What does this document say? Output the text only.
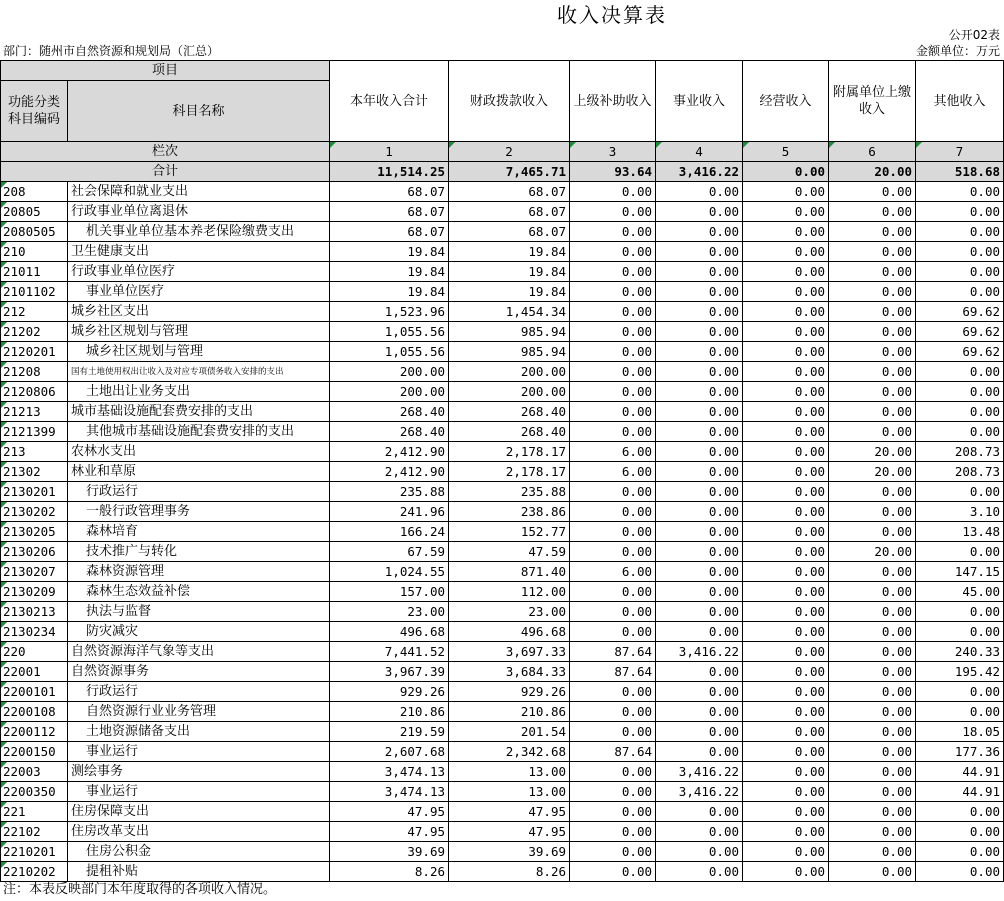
收入决算表
公开02表
部门：随州市自然资源和规划局（汇总）	金额单位：万元
项目		本年收入合计	财政拨款收入	上级补助收入	事业收入	经营收入	附属单位上缴收入	其他收入
功能分类科目编码	科目名称							
栏次		1	2	3	4	5	6	7
合计		11,514.25	7,465.71	93.64	3,416.22	0.00	20.00	518.68
208	社会保障和就业支出	68.07	68.07	0.00	0.00	0.00	0.00	0.00
20805	行政事业单位离退休	68.07	68.07	0.00	0.00	0.00	0.00	0.00
2080505	机关事业单位基本养老保险缴费支出	68.07	68.07	0.00	0.00	0.00	0.00	0.00
210	卫生健康支出	19.84	19.84	0.00	0.00	0.00	0.00	0.00
21011	行政事业单位医疗	19.84	19.84	0.00	0.00	0.00	0.00	0.00
2101102	事业单位医疗	19.84	19.84	0.00	0.00	0.00	0.00	0.00
212	城乡社区支出	1,523.96	1,454.34	0.00	0.00	0.00	0.00	69.62
21202	城乡社区规划与管理	1,055.56	985.94	0.00	0.00	0.00	0.00	69.62
2120201	城乡社区规划与管理	1,055.56	985.94	0.00	0.00	0.00	0.00	69.62
21208	国有土地使用权出让收入及对应专项债务收入安排的支出	200.00	200.00	0.00	0.00	0.00	0.00	0.00
2120806	土地出让业务支出	200.00	200.00	0.00	0.00	0.00	0.00	0.00
21213	城市基础设施配套费安排的支出	268.40	268.40	0.00	0.00	0.00	0.00	0.00
2121399	其他城市基础设施配套费安排的支出	268.40	268.40	0.00	0.00	0.00	0.00	0.00
213	农林水支出	2,412.90	2,178.17	6.00	0.00	0.00	20.00	208.73
21302	林业和草原	2,412.90	2,178.17	6.00	0.00	0.00	20.00	208.73
2130201	行政运行	235.88	235.88	0.00	0.00	0.00	0.00	0.00
2130202	一般行政管理事务	241.96	238.86	0.00	0.00	0.00	0.00	3.10
2130205	森林培育	166.24	152.77	0.00	0.00	0.00	0.00	13.48
2130206	技术推广与转化	67.59	47.59	0.00	0.00	0.00	20.00	0.00
2130207	森林资源管理	1,024.55	871.40	6.00	0.00	0.00	0.00	147.15
2130209	森林生态效益补偿	157.00	112.00	0.00	0.00	0.00	0.00	45.00
2130213	执法与监督	23.00	23.00	0.00	0.00	0.00	0.00	0.00
2130234	防灾减灾	496.68	496.68	0.00	0.00	0.00	0.00	0.00
220	自然资源海洋气象等支出	7,441.52	3,697.33	87.64	3,416.22	0.00	0.00	240.33
22001	自然资源事务	3,967.39	3,684.33	87.64	0.00	0.00	0.00	195.42
2200101	行政运行	929.26	929.26	0.00	0.00	0.00	0.00	0.00
2200108	自然资源行业业务管理	210.86	210.86	0.00	0.00	0.00	0.00	0.00
2200112	土地资源储备支出	219.59	201.54	0.00	0.00	0.00	0.00	18.05
2200150	事业运行	2,607.68	2,342.68	87.64	0.00	0.00	0.00	177.36
22003	测绘事务	3,474.13	13.00	0.00	3,416.22	0.00	0.00	44.91
2200350	事业运行	3,474.13	13.00	0.00	3,416.22	0.00	0.00	44.91
221	住房保障支出	47.95	47.95	0.00	0.00	0.00	0.00	0.00
22102	住房改革支出	47.95	47.95	0.00	0.00	0.00	0.00	0.00
2210201	住房公积金	39.69	39.69	0.00	0.00	0.00	0.00	0.00
2210202	提租补贴	8.26	8.26	0.00	0.00	0.00	0.00	0.00
注：本表反映部门本年度取得的各项收入情况。
